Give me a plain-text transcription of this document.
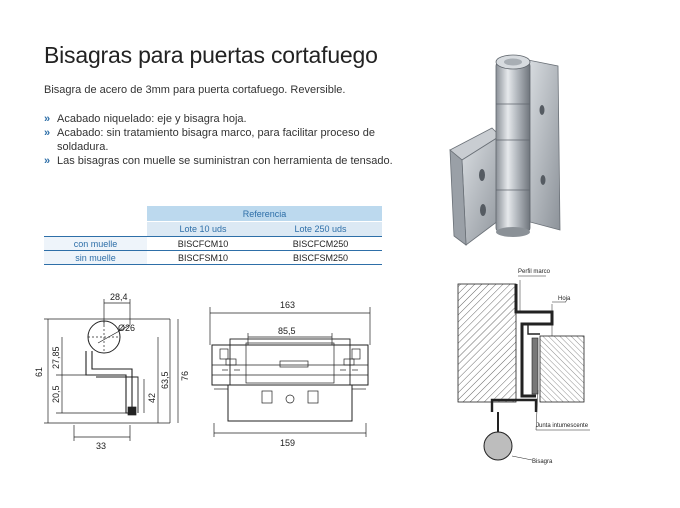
Bisagras para puertas cortafuego
Bisagra de acero de 3mm para puerta cortafuego. Reversible.
» Acabado niquelado: eje y bisagra hoja.
» Acabado: sin tratamiento bisagra marco, para facilitar proceso de soldadura.
» Las bisagras con muelle se suministran con herramienta de tensado.
	Referencia	
	Lote 10 uds	Lote 250 uds
con muelle	BISCFCM10	BISCFCM250
sin muelle	BISCFSM10	BISCFSM250
28,4
Ø26
61
27,85
20,5	42
63,5 76
33
163
85,5
159
Perfil marco
Hoja
Junta intumescente
Bisagra
